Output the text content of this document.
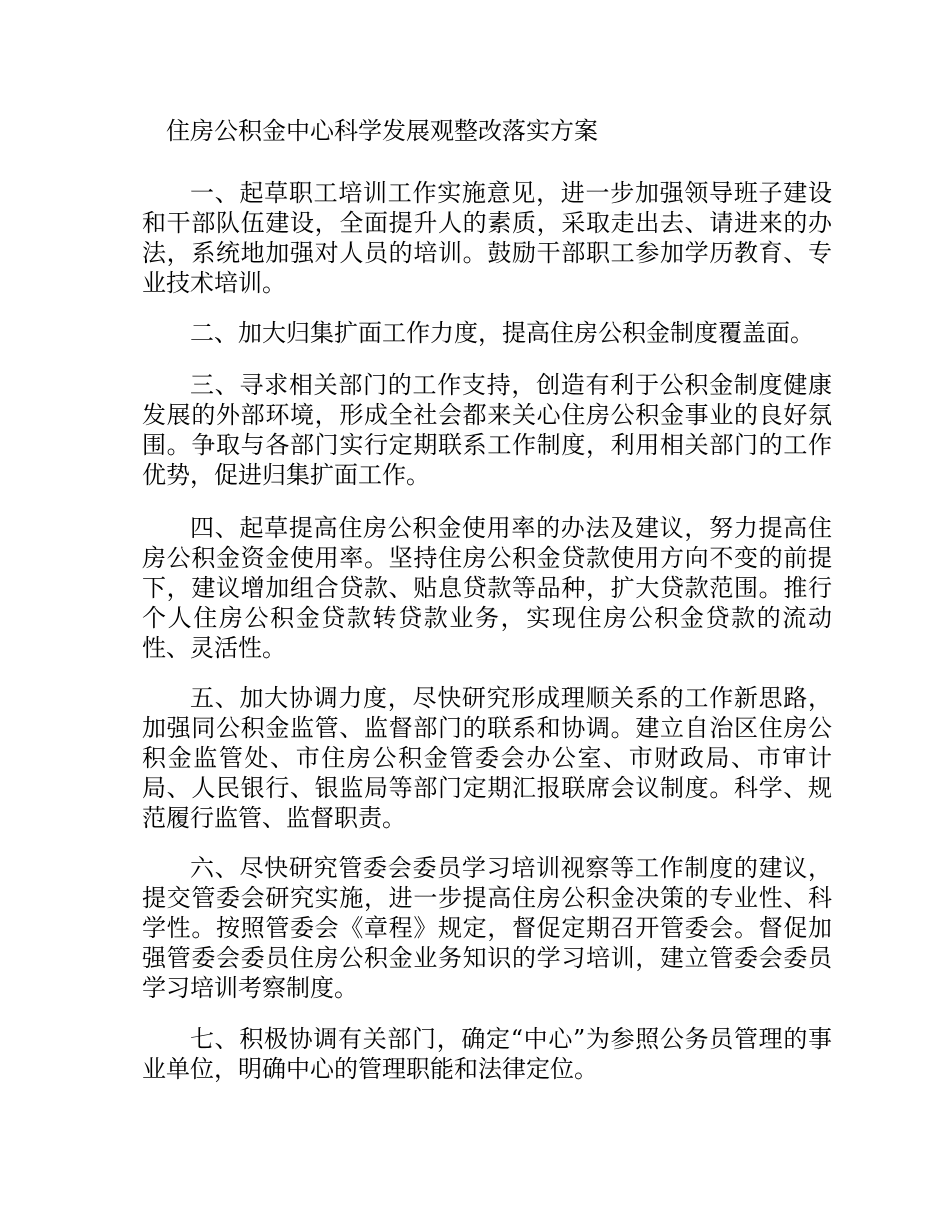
住房公积金中心科学发展观整改落实方案

一、起草职工培训工作实施意见，进一步加强领导班子建设和干部队伍建设，全面提升人的素质，采取走出去、请进来的办法，系统地加强对人员的培训。鼓励干部职工参加学历教育、专业技术培训。

二、加大归集扩面工作力度，提高住房公积金制度覆盖面。

三、寻求相关部门的工作支持，创造有利于公积金制度健康发展的外部环境，形成全社会都来关心住房公积金事业的良好氛围。争取与各部门实行定期联系工作制度，利用相关部门的工作优势，促进归集扩面工作。

四、起草提高住房公积金使用率的办法及建议，努力提高住房公积金资金使用率。坚持住房公积金贷款使用方向不变的前提下，建议增加组合贷款、贴息贷款等品种，扩大贷款范围。推行个人住房公积金贷款转贷款业务，实现住房公积金贷款的流动性、灵活性。

五、加大协调力度，尽快研究形成理顺关系的工作新思路，加强同公积金监管、监督部门的联系和协调。建立自治区住房公积金监管处、市住房公积金管委会办公室、市财政局、市审计局、人民银行、银监局等部门定期汇报联席会议制度。科学、规范履行监管、监督职责。

六、尽快研究管委会委员学习培训视察等工作制度的建议，提交管委会研究实施，进一步提高住房公积金决策的专业性、科学性。按照管委会《章程》规定，督促定期召开管委会。督促加强管委会委员住房公积金业务知识的学习培训，建立管委会委员学习培训考察制度。

七、积极协调有关部门，确定“中心”为参照公务员管理的事业单位，明确中心的管理职能和法律定位。
